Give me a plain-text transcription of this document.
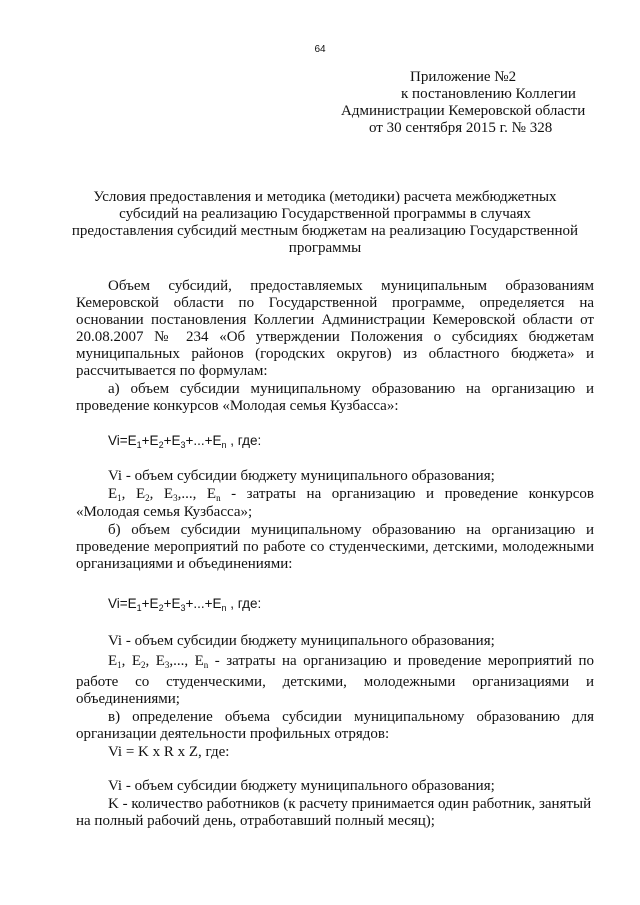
64
Приложение №2
к постановлению Коллегии
Администрации Кемеровской области
от 30 сентября 2015 г. № 328
Условия предоставления и методика (методики) расчета межбюджетных
субсидий на реализацию Государственной программы в случаях
предоставления субсидий местным бюджетам на реализацию Государственной
программы
Объем субсидий, предоставляемых муниципальным образованиям
Кемеровской области по Государственной программе, определяется на
основании постановления Коллегии Администрации Кемеровской области от
20.08.2007 № 234 «Об утверждении Положения о субсидиях бюджетам
муниципальных районов (городских округов) из областного бюджета» и
рассчитывается по формулам:
а) объем субсидии муниципальному образованию на организацию и
проведение конкурсов «Молодая семья Кузбасса»:
$Vi=E_1+E_2+E_3+...+E_n$ , где:
Vi - объем субсидии бюджету муниципального образования;
$E_1$, $E_2$, $E_3$,..., $E_n$ - затраты на организацию и проведение конкурсов
«Молодая семья Кузбасса»;
б) объем субсидии муниципальному образованию на организацию и
проведение мероприятий по работе со студенческими, детскими, молодежными
организациями и объединениями:
$Vi=E_1+E_2+E_3+...+E_n$ , где:
Vi - объем субсидии бюджету муниципального образования;
$E_1$, $E_2$, $E_3$,..., $E_n$ - затраты на организацию и проведение мероприятий по
работе со студенческими, детскими, молодежными организациями и
объединениями;
в) определение объема субсидии муниципальному образованию для
организации деятельности профильных отрядов:
Vi = K x R x Z, где:
Vi - объем субсидии бюджету муниципального образования;
K - количество работников (к расчету принимается один работник, занятый
на полный рабочий день, отработавший полный месяц);
